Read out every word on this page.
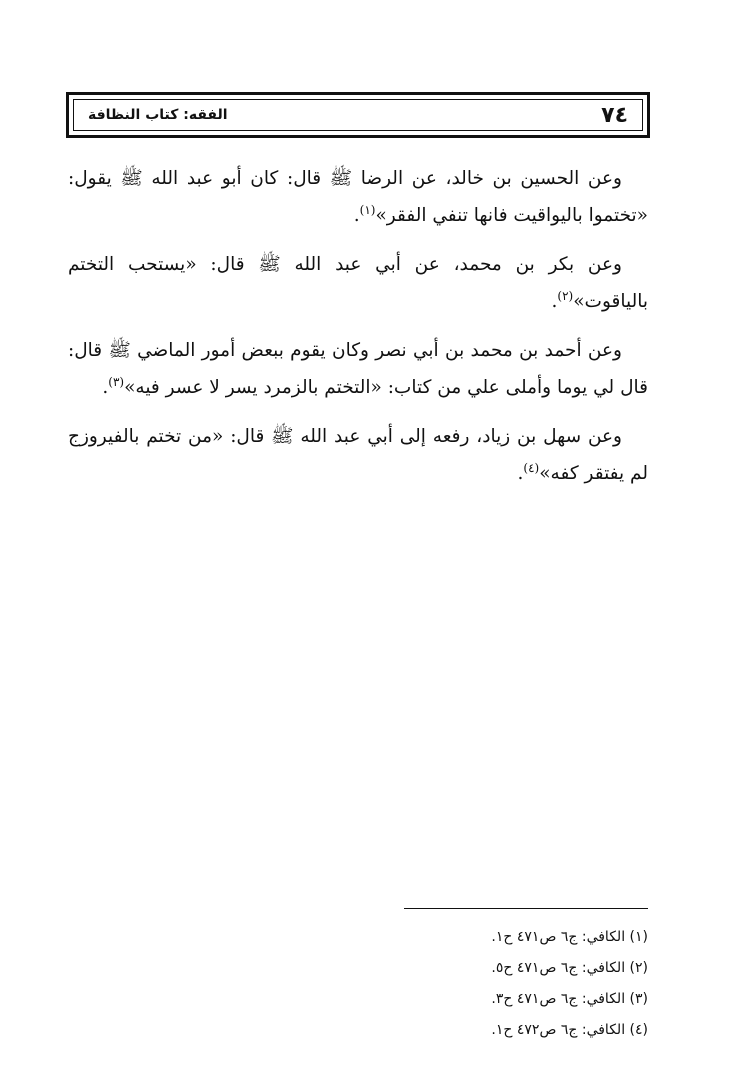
٧٤
الفقه: كتاب النظافة

وعن الحسين بن خالد، عن الرضا ﷺ قال: كان أبو عبد الله ﷺ يقول: «تختموا باليواقيت فانها تنفي الفقر»$^{(١)}$.

وعن بكر بن محمد، عن أبي عبد الله ﷺ قال: «يستحب التختم بالياقوت»$^{(٢)}$.

وعن أحمد بن محمد بن أبي نصر وكان يقوم ببعض أمور الماضي ﷺ قال: قال لي يوما وأملى علي من كتاب: «التختم بالزمرد يسر لا عسر فيه»$^{(٣)}$.

وعن سهل بن زياد، رفعه إلى أبي عبد الله ﷺ قال: «من تختم بالفيروزج لم يفتقر كفه»$^{(٤)}$.

(١) الكافي: ج٦ ص٤٧١ ح١.
(٢) الكافي: ج٦ ص٤٧١ ح٥.
(٣) الكافي: ج٦ ص٤٧١ ح٣.
(٤) الكافي: ج٦ ص٤٧٢ ح١.
